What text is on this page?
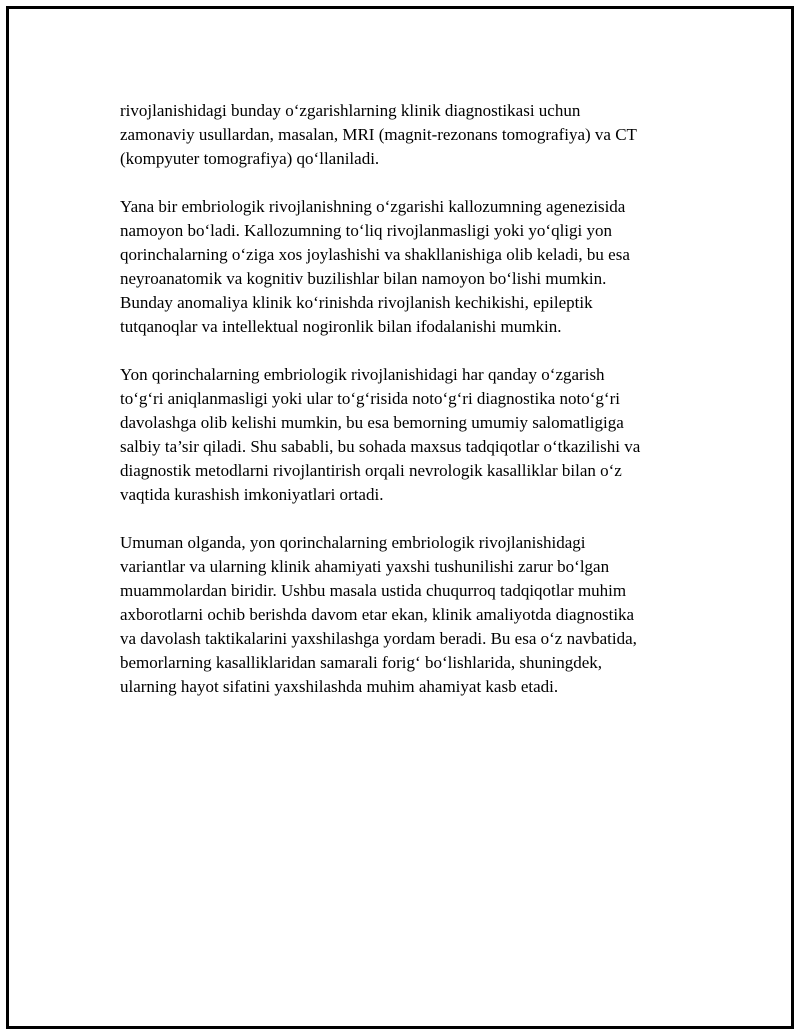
rivojlanishidagi bunday o‘zgarishlarning klinik diagnostikasi uchun
zamonaviy usullardan, masalan, MRI (magnit-rezonans tomografiya) va CT
(kompyuter tomografiya) qo‘llaniladi.

Yana bir embriologik rivojlanishning o‘zgarishi kallozumning agenezisida
namoyon bo‘ladi. Kallozumning to‘liq rivojlanmasligi yoki yo‘qligi yon
qorinchalarning o‘ziga xos joylashishi va shakllanishiga olib keladi, bu esa
neyroanatomik va kognitiv buzilishlar bilan namoyon bo‘lishi mumkin.
Bunday anomaliya klinik ko‘rinishda rivojlanish kechikishi, epileptik
tutqanoqlar va intellektual nogironlik bilan ifodalanishi mumkin.

Yon qorinchalarning embriologik rivojlanishidagi har qanday o‘zgarish
to‘g‘ri aniqlanmasligi yoki ular to‘g‘risida noto‘g‘ri diagnostika noto‘g‘ri
davolashga olib kelishi mumkin, bu esa bemorning umumiy salomatligiga
salbiy ta’sir qiladi. Shu sababli, bu sohada maxsus tadqiqotlar o‘tkazilishi va
diagnostik metodlarni rivojlantirish orqali nevrologik kasalliklar bilan o‘z
vaqtida kurashish imkoniyatlari ortadi.

Umuman olganda, yon qorinchalarning embriologik rivojlanishidagi
variantlar va ularning klinik ahamiyati yaxshi tushunilishi zarur bo‘lgan
muammolardan biridir. Ushbu masala ustida chuqurroq tadqiqotlar muhim
axborotlarni ochib berishda davom etar ekan, klinik amaliyotda diagnostika
va davolash taktikalarini yaxshilashga yordam beradi. Bu esa o‘z navbatida,
bemorlarning kasalliklaridan samarali forig‘ bo‘lishlarida, shuningdek,
ularning hayot sifatini yaxshilashda muhim ahamiyat kasb etadi.
